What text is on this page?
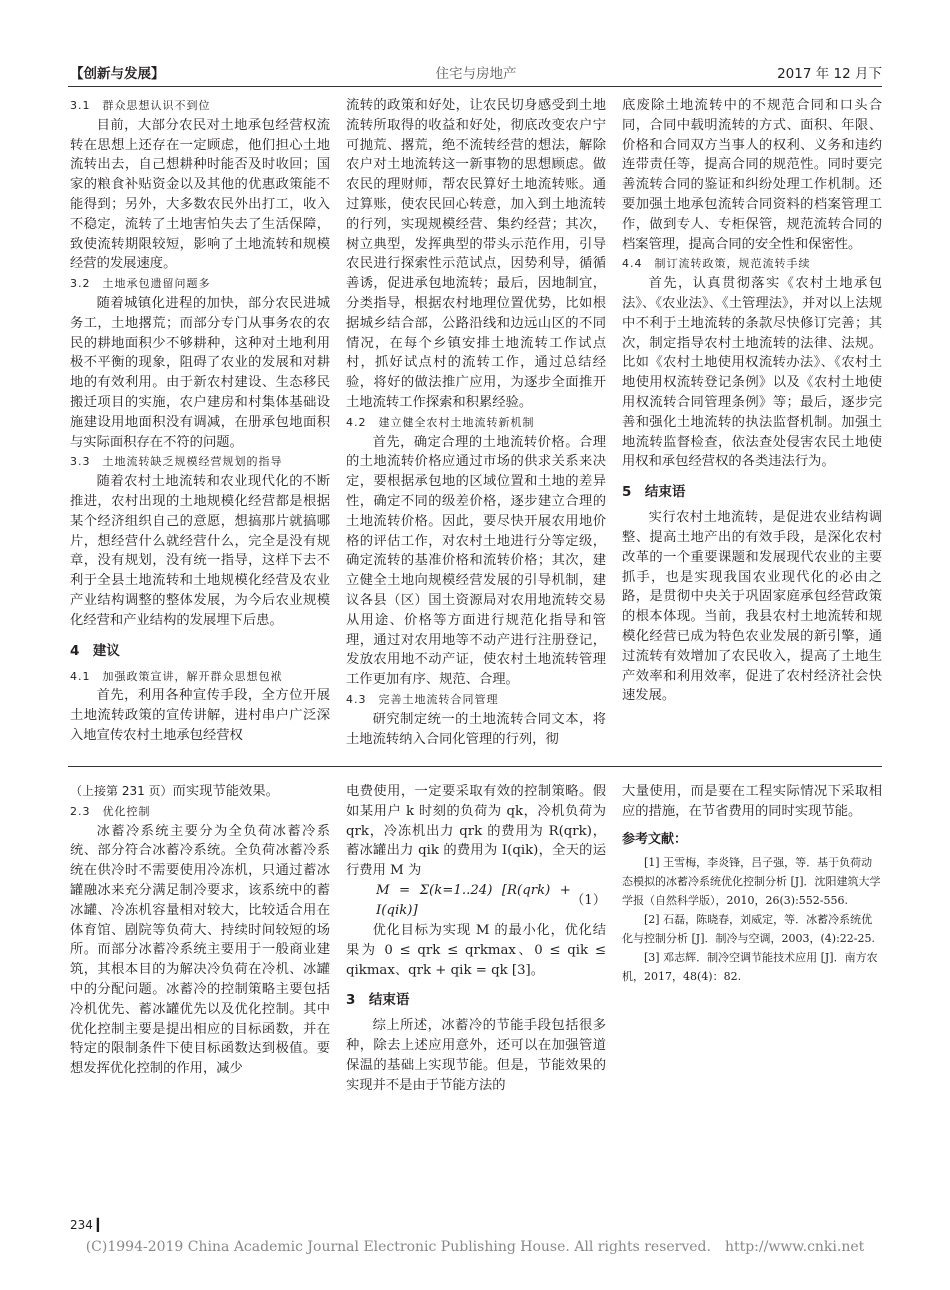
【创新与发展】	住宅与房地产	2017 年 12 月下
3.1　群众思想认识不到位

目前，大部分农民对土地承包经营权流转在思想上还存在一定顾虑，他们担心土地流转出去，自己想耕种时能否及时收回；国家的粮食补贴资金以及其他的优惠政策能不能得到；另外，大多数农民外出打工，收入不稳定，流转了土地害怕失去了生活保障，致使流转期限较短，影响了土地流转和规模经营的发展速度。

3.2　土地承包遗留问题多

随着城镇化进程的加快，部分农民进城务工，土地撂荒；而部分专门从事务农的农民的耕地面积少不够耕种，这种对土地利用极不平衡的现象，阻碍了农业的发展和对耕地的有效利用。由于新农村建设、生态移民搬迁项目的实施，农户建房和村集体基础设施建设用地面积没有调减，在册承包地面积与实际面积存在不符的问题。

3.3　土地流转缺乏规模经营规划的指导

随着农村土地流转和农业现代化的不断推进，农村出现的土地规模化经营都是根据某个经济组织自己的意愿，想搞那片就搞哪片，想经营什么就经营什么，完全是没有规章，没有规划，没有统一指导，这样下去不利于全县土地流转和土地规模化经营及农业产业结构调整的整体发展，为今后农业规模化经营和产业结构的发展埋下后患。

4　建议
4.1　加强政策宣讲，解开群众思想包袱

首先，利用各种宣传手段，全方位开展土地流转政策的宣传讲解，进村串户广泛深入地宣传农村土地承包经营权

流转的政策和好处，让农民切身感受到土地流转所取得的收益和好处，彻底改变农户宁可抛荒、撂荒，绝不流转经营的想法，解除农户对土地流转这一新事物的思想顾虑。做农民的理财师，帮农民算好土地流转账。通过算账，使农民回心转意，加入到土地流转的行列，实现规模经营、集约经营；其次，树立典型，发挥典型的带头示范作用，引导农民进行探索性示范试点，因势利导，循循善诱，促进承包地流转；最后，因地制宜，分类指导，根据农村地理位置优势，比如根据城乡结合部，公路沿线和边远山区的不同情况，在每个乡镇安排土地流转工作试点村，抓好试点村的流转工作，通过总结经验，将好的做法推广应用，为逐步全面推开土地流转工作探索和积累经验。

4.2　建立健全农村土地流转新机制

首先，确定合理的土地流转价格。合理的土地流转价格应通过市场的供求关系来决定，要根据承包地的区域位置和土地的差异性，确定不同的级差价格，逐步建立合理的土地流转价格。因此，要尽快开展农用地价格的评估工作，对农村土地进行分等定级，确定流转的基准价格和流转价格；其次，建立健全土地向规模经营发展的引导机制，建议各县（区）国土资源局对农用地流转交易从用途、价格等方面进行规范化指导和管理，通过对农用地等不动产进行注册登记，发放农用地不动产证，使农村土地流转管理工作更加有序、规范、合理。

4.3　完善土地流转合同管理

研究制定统一的土地流转合同文本，将土地流转纳入合同化管理的行列，彻

底废除土地流转中的不规范合同和口头合同，合同中载明流转的方式、面积、年限、价格和合同双方当事人的权利、义务和违约连带责任等，提高合同的规范性。同时要完善流转合同的鉴证和纠纷处理工作机制。还要加强土地承包流转合同资料的档案管理工作，做到专人、专柜保管，规范流转合同的档案管理，提高合同的安全性和保密性。

4.4　制订流转政策，规范流转手续

首先，认真贯彻落实《农村土地承包法》、《农业法》、《土管理法》，并对以上法规中不利于土地流转的条款尽快修订完善；其次，制定指导农村土地流转的法律、法规。比如《农村土地使用权流转办法》、《农村土地使用权流转登记条例》以及《农村土地使用权流转合同管理条例》等；最后，逐步完善和强化土地流转的执法监督机制。加强土地流转监督检查，依法查处侵害农民土地使用权和承包经营权的各类违法行为。

5　结束语

实行农村土地流转，是促进农业结构调整、提高土地产出的有效手段，是深化农村改革的一个重要课题和发展现代农业的主要抓手，也是实现我国农业现代化的必由之路，是贯彻中央关于巩固家庭承包经营政策的根本体现。当前，我县农村土地流转和规模化经营已成为特色农业发展的新引擎，通过流转有效增加了农民收入，提高了土地生产效率和利用效率，促进了农村经济社会快速发展。

（上接第 231 页）而实现节能效果。

2.3　优化控制

冰蓄冷系统主要分为全负荷冰蓄冷系统、部分符合冰蓄冷系统。全负荷冰蓄冷系统在供冷时不需要使用冷冻机，只通过蓄冰罐融冰来充分满足制冷要求，该系统中的蓄冰罐、冷冻机容量相对较大，比较适合用在体育馆、剧院等负荷大、持续时间较短的场所。而部分冰蓄冷系统主要用于一般商业建筑，其根本目的为解决冷负荷在冷机、冰罐中的分配问题。冰蓄冷的控制策略主要包括冷机优先、蓄冰罐优先以及优化控制。其中优化控制主要是提出相应的目标函数，并在特定的限制条件下使目标函数达到极值。要想发挥优化控制的作用，减少

电费使用，一定要采取有效的控制策略。假如某用户 k 时刻的负荷为 qk，冷机负荷为 qrk，冷冻机出力 qrk 的费用为 R(qrk)，蓄冰罐出力 qik 的费用为 I(qik)，全天的运行费用 M 为

M = Σ(k=1..24) [R(qrk) + I(qik)]
（1）

优化目标为实现 M 的最小化，优化结果为 0 ≤ qrk ≤ qrkmax、0 ≤ qik ≤ qikmax、qrk + qik = qk [3]。

3　结束语

综上所述，冰蓄冷的节能手段包括很多种，除去上述应用意外，还可以在加强管道保温的基础上实现节能。但是，节能效果的实现并不是由于节能方法的

大量使用，而是要在工程实际情况下采取相应的措施，在节省费用的同时实现节能。

参考文献：

[1] 王雪梅，李炎锋，吕子强，等．基于负荷动态模拟的冰蓄冷系统优化控制分析 [J]．沈阳建筑大学学报（自然科学版），2010，26(3):552-556.

[2] 石磊，陈晓春，刘威定，等．冰蓄冷系统优化与控制分析 [J]．制冷与空调，2003，(4):22-25.

[3] 邓志辉．制冷空调节能技术应用 [J]．南方农机，2017，48(4)：82.

234 ▎
(C)1994-2019 China Academic Journal Electronic Publishing House. All rights reserved.　http://www.cnki.net
